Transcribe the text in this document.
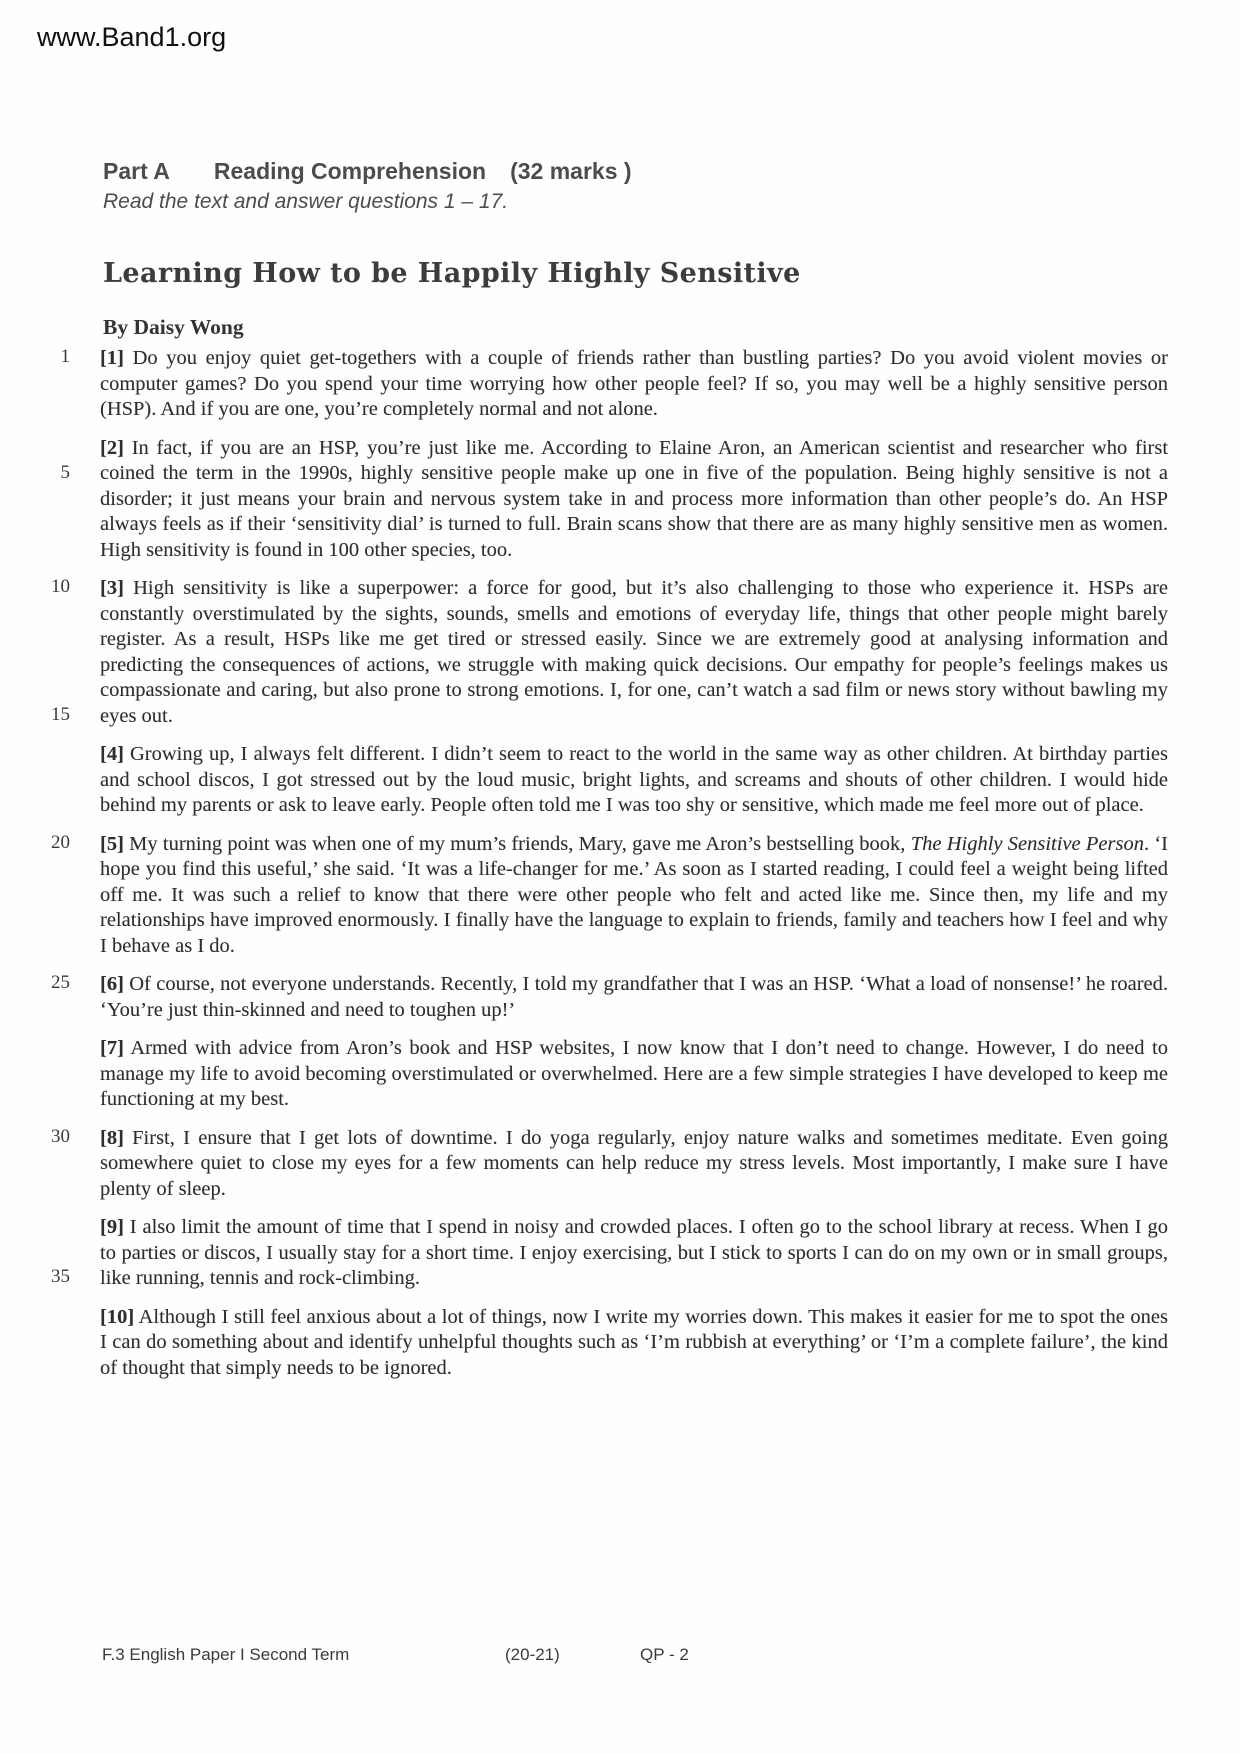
www.Band1.org
Part A Reading Comprehension (32 marks )
Read the text and answer questions 1 – 17.
Learning How to be Happily Highly Sensitive
By Daisy Wong

[1] Do you enjoy quiet get-togethers with a couple of friends rather than bustling parties? Do you avoid violent movies or computer games? Do you spend your time worrying how other people feel? If so, you may well be a highly sensitive person (HSP). And if you are one, you’re completely normal and not alone.

1

[2] In fact, if you are an HSP, you’re just like me. According to Elaine Aron, an American scientist and researcher who first coined the term in the 1990s, highly sensitive people make up one in five of the population. Being highly sensitive is not a disorder; it just means your brain and nervous system take in and process more information than other people’s do. An HSP always feels as if their ‘sensitivity dial’ is turned to full. Brain scans show that there are as many highly sensitive men as women. High sensitivity is found in 100 other species, too.

5

[3] High sensitivity is like a superpower: a force for good, but it’s also challenging to those who experience it. HSPs are constantly overstimulated by the sights, sounds, smells and emotions of everyday life, things that other people might barely register. As a result, HSPs like me get tired or stressed easily. Since we are extremely good at analysing information and predicting the consequences of actions, we struggle with making quick decisions. Our empathy for people’s feelings makes us compassionate and caring, but also prone to strong emotions. I, for one, can’t watch a sad film or news story without bawling my eyes out.

10
15

[4] Growing up, I always felt different. I didn’t seem to react to the world in the same way as other children. At birthday parties and school discos, I got stressed out by the loud music, bright lights, and screams and shouts of other children. I would hide behind my parents or ask to leave early. People often told me I was too shy or sensitive, which made me feel more out of place.

[5] My turning point was when one of my mum’s friends, Mary, gave me Aron’s bestselling book, The Highly Sensitive Person. ‘I hope you find this useful,’ she said. ‘It was a life-changer for me.’ As soon as I started reading, I could feel a weight being lifted off me. It was such a relief to know that there were other people who felt and acted like me. Since then, my life and my relationships have improved enormously. I finally have the language to explain to friends, family and teachers how I feel and why I behave as I do.

20

[6] Of course, not everyone understands. Recently, I told my grandfather that I was an HSP. ‘What a load of nonsense!’ he roared. ‘You’re just thin-skinned and need to toughen up!’

25

[7] Armed with advice from Aron’s book and HSP websites, I now know that I don’t need to change. However, I do need to manage my life to avoid becoming overstimulated or overwhelmed. Here are a few simple strategies I have developed to keep me functioning at my best.

[8] First, I ensure that I get lots of downtime. I do yoga regularly, enjoy nature walks and sometimes meditate. Even going somewhere quiet to close my eyes for a few moments can help reduce my stress levels. Most importantly, I make sure I have plenty of sleep.

30

[9] I also limit the amount of time that I spend in noisy and crowded places. I often go to the school library at recess. When I go to parties or discos, I usually stay for a short time. I enjoy exercising, but I stick to sports I can do on my own or in small groups, like running, tennis and rock-climbing.

35

[10] Although I still feel anxious about a lot of things, now I write my worries down. This makes it easier for me to spot the ones I can do something about and identify unhelpful thoughts such as ‘I’m rubbish at everything’ or ‘I’m a complete failure’, the kind of thought that simply needs to be ignored.

F.3 English Paper I Second Term	(20-21)	QP - 2
